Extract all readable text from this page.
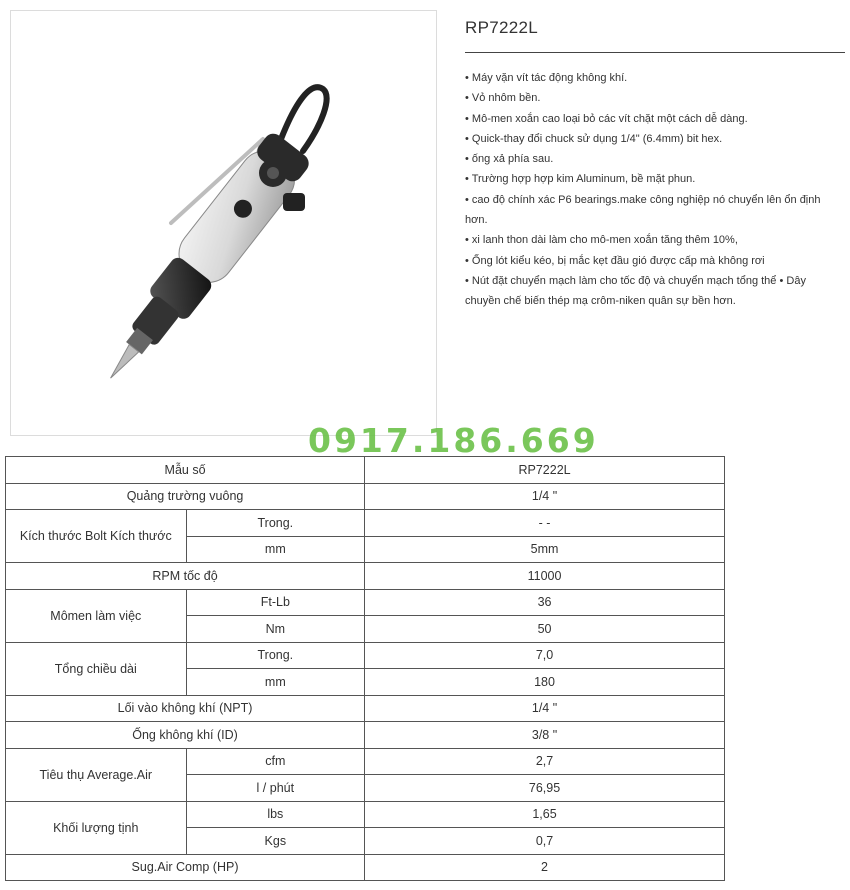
RP7222L
• Máy vặn vít tác động không khí.
• Vỏ nhôm bền.
• Mô-men xoắn cao loại bỏ các vít chặt một cách dễ dàng.
• Quick-thay đổi chuck sử dụng 1/4" (6.4mm) bit hex.
• ống xả phía sau.
• Trường hợp hợp kim Aluminum, bề mặt phun.
• cao độ chính xác P6 bearings.make công nghiệp nó chuyển lên ổn định hơn.
• xi lanh thon dài làm cho mô-men xoắn tăng thêm 10%,
• Ống lót kiểu kéo, bị mắc kẹt đầu gió được cấp mà không rơi
• Nút đặt chuyển mạch làm cho tốc độ và chuyển mạch tổng thể • Dây
chuyền chế biến thép mạ crôm-niken quân sự bền hơn.
0917.186.669
Mẫu số		RP7222L
Quảng trường vuông		1/4 "
Kích thước Bolt Kích thước	Trong.	- -
	mm	5mm
RPM tốc độ		11000
Mômen làm việc	Ft-Lb	36
	Nm	50
Tổng chiều dài	Trong.	7,0
	mm	180
Lối vào không khí (NPT)		1/4 "
Ống không khí (ID)		3/8 "
Tiêu thụ Average.Air	cfm	2,7
	l / phút	76,95
Khối lượng tịnh	lbs	1,65
	Kgs	0,7
Sug.Air Comp (HP)		2
